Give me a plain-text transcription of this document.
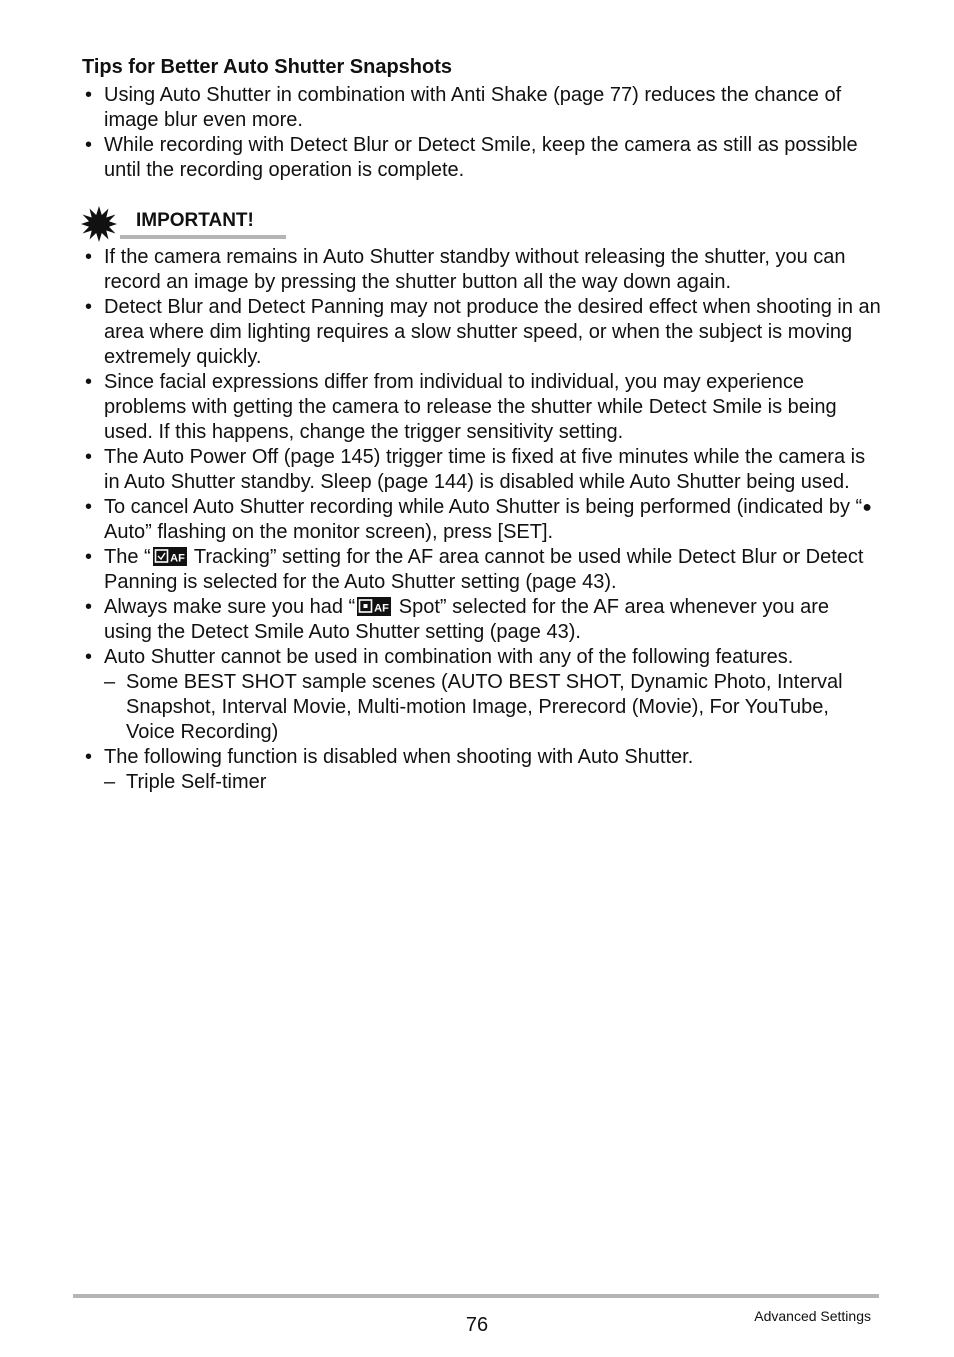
Tips for Better Auto Shutter Snapshots
• Using Auto Shutter in combination with Anti Shake (page 77) reduces the chance of image blur even more.
• While recording with Detect Blur or Detect Smile, keep the camera as still as possible until the recording operation is complete.
IMPORTANT!
• If the camera remains in Auto Shutter standby without releasing the shutter, you can record an image by pressing the shutter button all the way down again.
• Detect Blur and Detect Panning may not produce the desired effect when shooting in an area where dim lighting requires a slow shutter speed, or when the subject is moving extremely quickly.
• Since facial expressions differ from individual to individual, you may experience problems with getting the camera to release the shutter while Detect Smile is being used. If this happens, change the trigger sensitivity setting.
• The Auto Power Off (page 145) trigger time is fixed at five minutes while the camera is in Auto Shutter standby. Sleep (page 144) is disabled while Auto Shutter being used.
• To cancel Auto Shutter recording while Auto Shutter is being performed (indicated by “● Auto” flashing on the monitor screen), press [SET].
• The “ AF Tracking” setting for the AF area cannot be used while Detect Blur or Detect Panning is selected for the Auto Shutter setting (page 43).
• Always make sure you had “ AF Spot” selected for the AF area whenever you are using the Detect Smile Auto Shutter setting (page 43).
• Auto Shutter cannot be used in combination with any of the following features.
– Some BEST SHOT sample scenes (AUTO BEST SHOT, Dynamic Photo, Interval Snapshot, Interval Movie, Multi-motion Image, Prerecord (Movie), For YouTube, Voice Recording)
• The following function is disabled when shooting with Auto Shutter.
– Triple Self-timer
76	Advanced Settings
